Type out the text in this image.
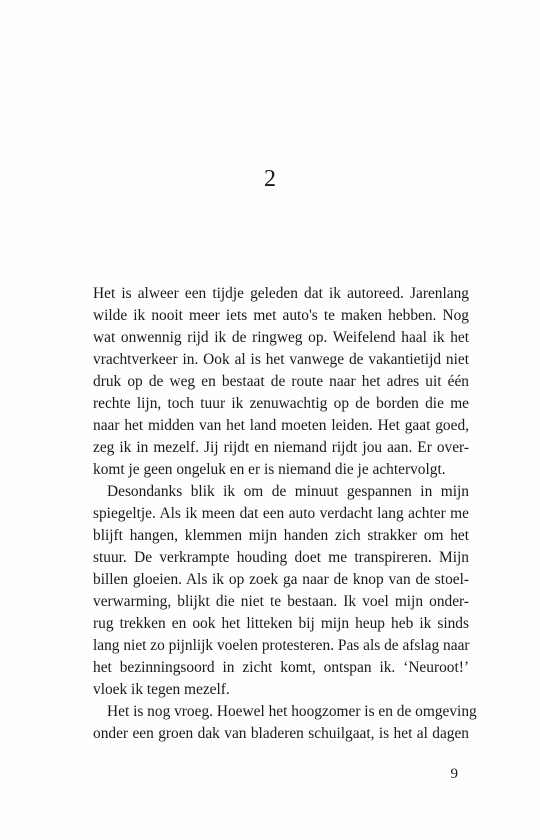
2
Het is alweer een tijdje geleden dat ik autoreed. Jarenlang
wilde ik nooit meer iets met auto's te maken hebben. Nog
wat onwennig rijd ik de ringweg op. Weifelend haal ik het
vrachtverkeer in. Ook al is het vanwege de vakantietijd niet
druk op de weg en bestaat de route naar het adres uit één
rechte lijn, toch tuur ik zenuwachtig op de borden die me
naar het midden van het land moeten leiden. Het gaat goed,
zeg ik in mezelf. Jij rijdt en niemand rijdt jou aan. Er over-
komt je geen ongeluk en er is niemand die je achtervolgt.
Desondanks blik ik om de minuut gespannen in mijn
spiegeltje. Als ik meen dat een auto verdacht lang achter me
blijft hangen, klemmen mijn handen zich strakker om het
stuur. De verkrampte houding doet me transpireren. Mijn
billen gloeien. Als ik op zoek ga naar de knop van de stoel-
verwarming, blijkt die niet te bestaan. Ik voel mijn onder-
rug trekken en ook het litteken bij mijn heup heb ik sinds
lang niet zo pijnlijk voelen protesteren. Pas als de afslag naar
het bezinningsoord in zicht komt, ontspan ik. ‘Neuroot!’
vloek ik tegen mezelf.
Het is nog vroeg. Hoewel het hoogzomer is en de omgeving
onder een groen dak van bladeren schuilgaat, is het al dagen
9
